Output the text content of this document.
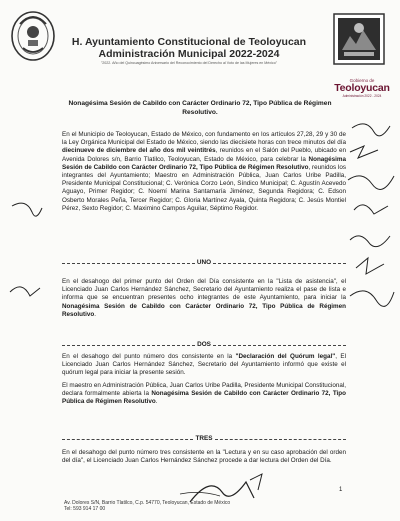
H. Ayuntamiento Constitucional de Teoloyucan
Administración Municipal 2022-2024
"2022. Año del Quincuagésimo Aniversario del Reconocimiento del Derecho al Voto de las Mujeres en México"
Gobierno de
Teoloyucan
Administración 2022 - 2024
Nonagésima Sesión de Cabildo con Carácter Ordinario 72, Tipo Pública de Régimen Resolutivo.

En el Municipio de Teoloyucan, Estado de México, con fundamento en los artículos 27,28, 29 y 30 de la Ley Orgánica Municipal del Estado de México, siendo las diecisiete horas con trece minutos del día diecinueve de diciembre del año dos mil veintitrés, reunidos en el Salón del Pueblo, ubicado en Avenida Dolores s/n, Barrio Tlatilco, Teoloyucan, Estado de México, para celebrar la Nonagésima Sesión de Cabildo con Carácter Ordinario 72, Tipo Pública de Régimen Resolutivo, reunidos los integrantes del Ayuntamiento; Maestro en Administración Pública, Juan Carlos Uribe Padilla, Presidente Municipal Constitucional; C. Verónica Corzo León, Síndico Municipal; C. Agustín Acevedo Aguayo, Primer Regidor; C. Noemí Marina Santamaría Jiménez, Segunda Regidora; C. Edson Osberto Morales Peña, Tercer Regidor; C. Gloria Martínez Ayala, Quinta Regidora; C. Jesús Montiel Pérez, Sexto Regidor; C. Maximino Campos Aguilar, Séptimo Regidor.

UNO

En el desahogo del primer punto del Orden del Día consistente en la "Lista de asistencia", el Licenciado Juan Carlos Hernández Sánchez, Secretario del Ayuntamiento realiza el pase de lista e informa que se encuentran presentes ocho integrantes de este Ayuntamiento, para iniciar la Nonagésima Sesión de Cabildo con Carácter Ordinario 72, Tipo Pública de Régimen Resolutivo.

DOS

En el desahogo del punto número dos consistente en la "Declaración del Quórum legal", El Licenciado Juan Carlos Hernández Sánchez, Secretario del Ayuntamiento informó que existe el quórum legal para iniciar la presente sesión.

El maestro en Administración Pública, Juan Carlos Uribe Padilla, Presidente Municipal Constitucional, declara formalmente abierta la Nonagésima Sesión de Cabildo con Carácter Ordinario 72, Tipo Pública de Régimen Resolutivo.

TRES

En el desahogo del punto número tres consistente en la "Lectura y en su caso aprobación del orden del día", el Licenciado Juan Carlos Hernández Sánchez procede a dar lectura del Orden del Día.

1
Av. Dolores S/N, Barrio Tlatilco, C.p. 54770, Teoloyucan, Estado de México
Tel: 593 914 17 00
